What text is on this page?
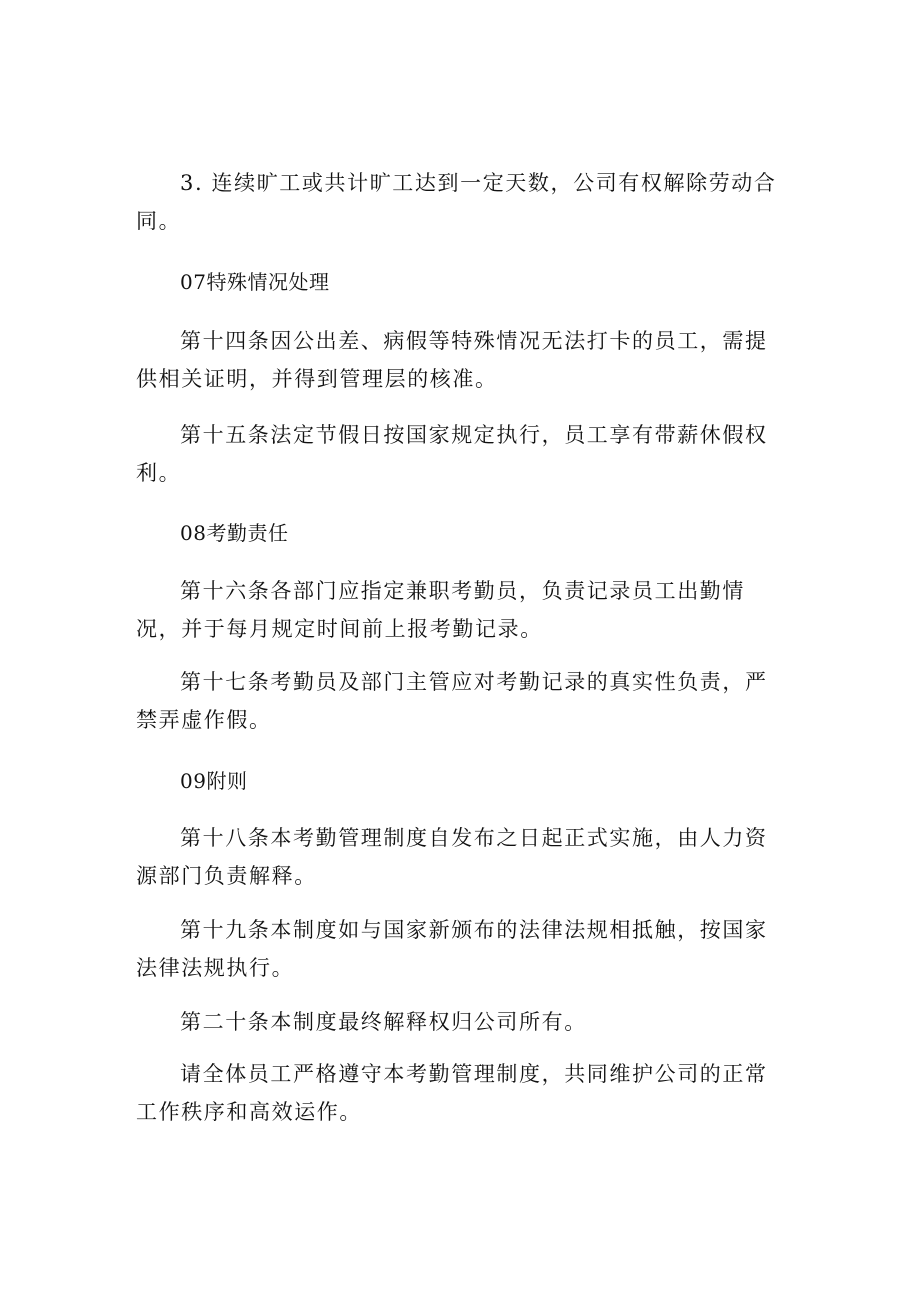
3. 连续旷工或共计旷工达到一定天数，公司有权解除劳动合同。

07特殊情况处理

第十四条因公出差、病假等特殊情况无法打卡的员工，需提供相关证明，并得到管理层的核准。

第十五条法定节假日按国家规定执行，员工享有带薪休假权利。

08考勤责任

第十六条各部门应指定兼职考勤员，负责记录员工出勤情况，并于每月规定时间前上报考勤记录。

第十七条考勤员及部门主管应对考勤记录的真实性负责，严禁弄虚作假。

09附则

第十八条本考勤管理制度自发布之日起正式实施，由人力资源部门负责解释。

第十九条本制度如与国家新颁布的法律法规相抵触，按国家法律法规执行。

第二十条本制度最终解释权归公司所有。

请全体员工严格遵守本考勤管理制度，共同维护公司的正常工作秩序和高效运作。
